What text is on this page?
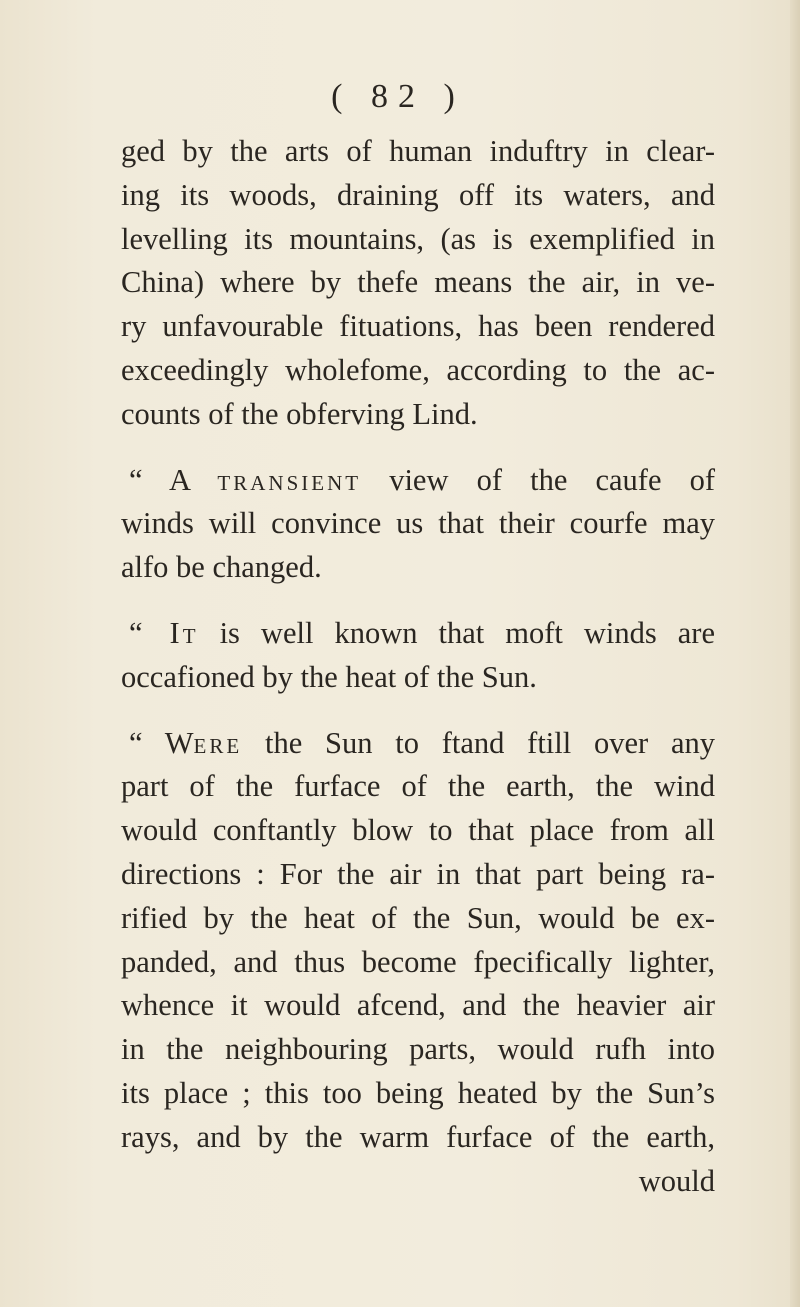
( 82 )
ged by the arts of human induftry in clear-
ing its woods, draining off its waters, and
levelling its mountains, (as is exemplified in
China) where by thefe means the air, in ve-
ry unfavourable fituations, has been rendered
exceedingly wholefome, according to the ac-
counts of the obferving Lind.
“ A transient view of the caufe of
winds will convince us that their courfe may
alfo be changed.
“ It is well known that moft winds are
occafioned by the heat of the Sun.
“ Were the Sun to ftand ftill over any
part of the furface of the earth, the wind
would conftantly blow to that place from all
directions : For the air in that part being ra-
rified by the heat of the Sun, would be ex-
panded, and thus become fpecifically lighter,
whence it would afcend, and the heavier air
in the neighbouring parts, would rufh into
its place ; this too being heated by the Sun’s
rays, and by the warm furface of the earth,
would
